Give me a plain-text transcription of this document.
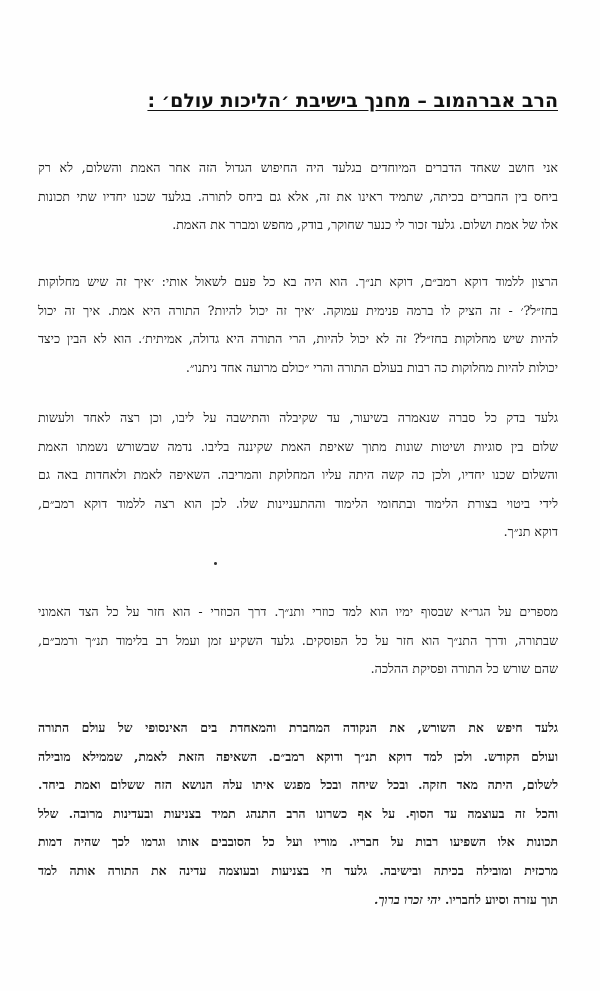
הרב אברהמוב – מחנך בישיבת ׳הליכות עולם׳ :
אני חושב שאחד הדברים המיוחדים בגלעד היה החיפוש הגדול הזה אחר האמת והשלום, לא רק
ביחס בין החברים בכיתה, שתמיד ראינו את זה, אלא גם ביחס לתורה. בגלעד שכנו יחדיו שתי תכונות
אלו של אמת ושלום. גלעד זכור לי כנער שחוקר, בודק, מחפש ומברר את האמת.
הרצון ללמוד דוקא רמב״ם, דוקא תנ״ך. הוא היה בא כל פעם לשאול אותי: ׳איך זה שיש מחלוקות
בחז״ל?׳ - זה הציק לו ברמה פנימית עמוקה. ׳איך זה יכול להיות? התורה היא אמת. איך זה יכול
להיות שיש מחלוקות בחז״ל? זה לא יכול להיות, הרי התורה היא גדולה, אמיתית׳. הוא לא הבין כיצד
יכולות להיות מחלוקות כה רבות בעולם התורה והרי ״כולם מרועה אחד ניתנו״.
גלעד בדק כל סברה שנאמרה בשיעור, עד שקיבלה והתישבה על ליבו, וכן רצה לאחד ולעשות
שלום בין סוגיות ושיטות שונות מתוך שאיפת האמת שקיננה בליבו. נדמה שבשורש נשמתו האמת
והשלום שכנו יחדיו, ולכן כה קשה היתה עליו המחלוקת והמריבה. השאיפה לאמת ולאחדות באה גם
לידי ביטוי בצורת הלימוד ובתחומי הלימוד וההתעניינות שלו. לכן הוא רצה ללמוד דוקא רמב״ם,
דוקא תנ״ך.
מספרים על הגר״א שבסוף ימיו הוא למד כוזרי ותנ״ך. דרך הכוזרי - הוא חזר על כל הצד האמוני
שבתורה, ודרך התנ״ך הוא חזר על כל הפוסקים. גלעד השקיע זמן ועמל רב בלימוד תנ״ך ורמב״ם,
שהם שורש כל התורה ופסיקת ההלכה.
גלעד חיפש את השורש, את הנקודה המחברת והמאחדת בים האינסופי של עולם התורה
ועולם הקודש. ולכן למד דוקא תנ״ך ודוקא רמב״ם. השאיפה הזאת לאמת, שממילא מובילה
לשלום, היתה מאד חזקה. ובכל שיחה ובכל מפגש איתו עלה הנושא הזה ששלום ואמת ביחד.
והכל זה בעוצמה עד הסוף. על אף כשרונו הרב התנהג תמיד בצניעות ובעדינות מרובה. שלל
תכונות אלו השפיעו רבות על חבריו. מוריו ועל כל הסובבים אותו וגרמו לכך שהיה דמות
מרכזית ומובילה בכיתה ובישיבה. גלעד חי בצניעות ובעוצמה עדינה את התורה אותה למד
תוך עזרה וסיוע לחבריו. יהי זכרו ברוך.
